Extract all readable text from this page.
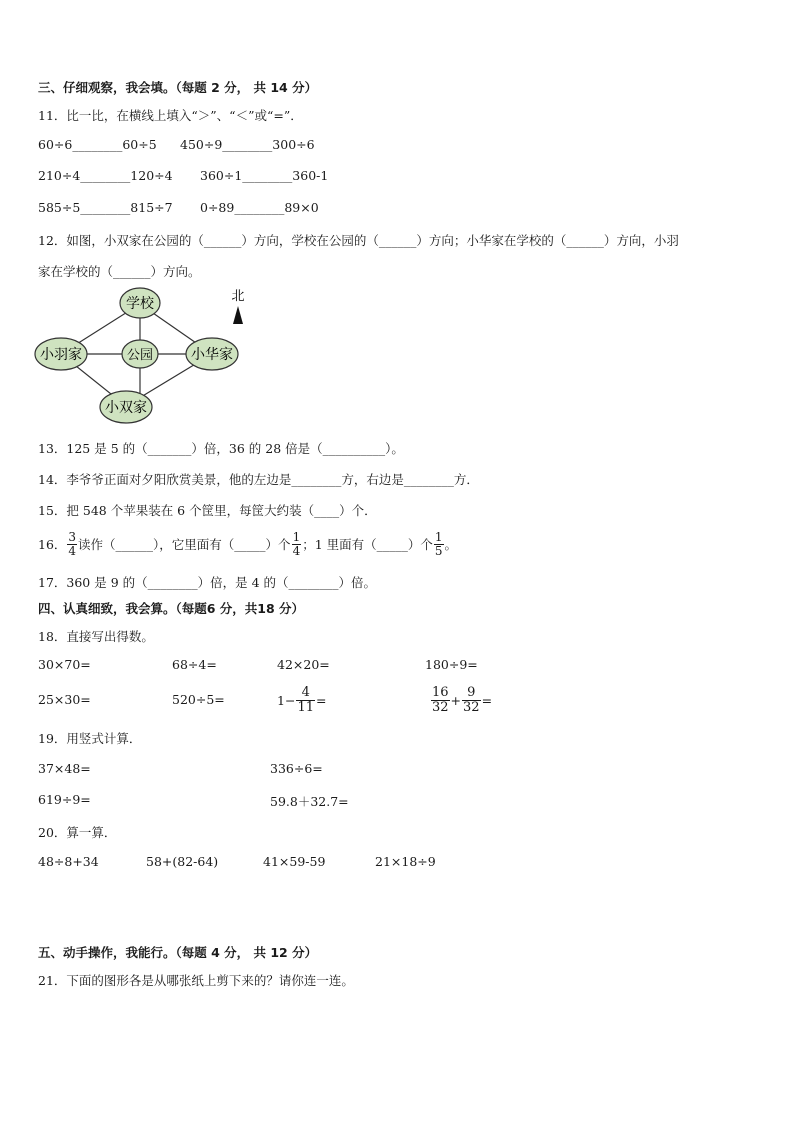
三、仔细观察，我会填。（每题 2 分， 共 14 分）
11．比一比，在横线上填入“＞”、“＜”或“=”．
60÷6________60÷5 450÷9________300÷6
210÷4________120÷4 360÷1________360-1
585÷5________815÷7 0÷89________89×0
12．如图，小双家在公园的（______）方向，学校在公园的（______）方向；小华家在学校的（______）方向，小羽
家在学校的（______）方向。
学校
小羽家	公园	小华家
小双家
北
13．125 是 5 的（_______）倍，36 的 28 倍是（__________）。
14．李爷爷正面对夕阳欣赏美景，他的左边是________方，右边是________方．
15．把 548 个苹果装在 6 个筐里，每筐大约装（____）个．
16． $\frac{3}{4}$ 读作（______），它里面有（_____）个 $\frac{1}{4}$ ；1 里面有（_____）个 $\frac{1}{5}$ 。
17．360 是 9 的（________）倍，是 4 的（________）倍。
四、认真细致，我会算。（每题6 分，共18 分）
18．直接写出得数。
30×70=	68÷4=	42×20=	180÷9=
25×30=	520÷5=	$1- \frac{4}{11}$ =	$\frac{16}{32} + \frac{9}{32}$ =
19．用竖式计算．
37×48=	336÷6=
619÷9=	59.8＋32.7=
20．算一算．
48÷8+34	58+(82-64)	41×59-59	21×18÷9
五、动手操作，我能行。（每题 4 分， 共 12 分）
21．下面的图形各是从哪张纸上剪下来的？请你连一连。
